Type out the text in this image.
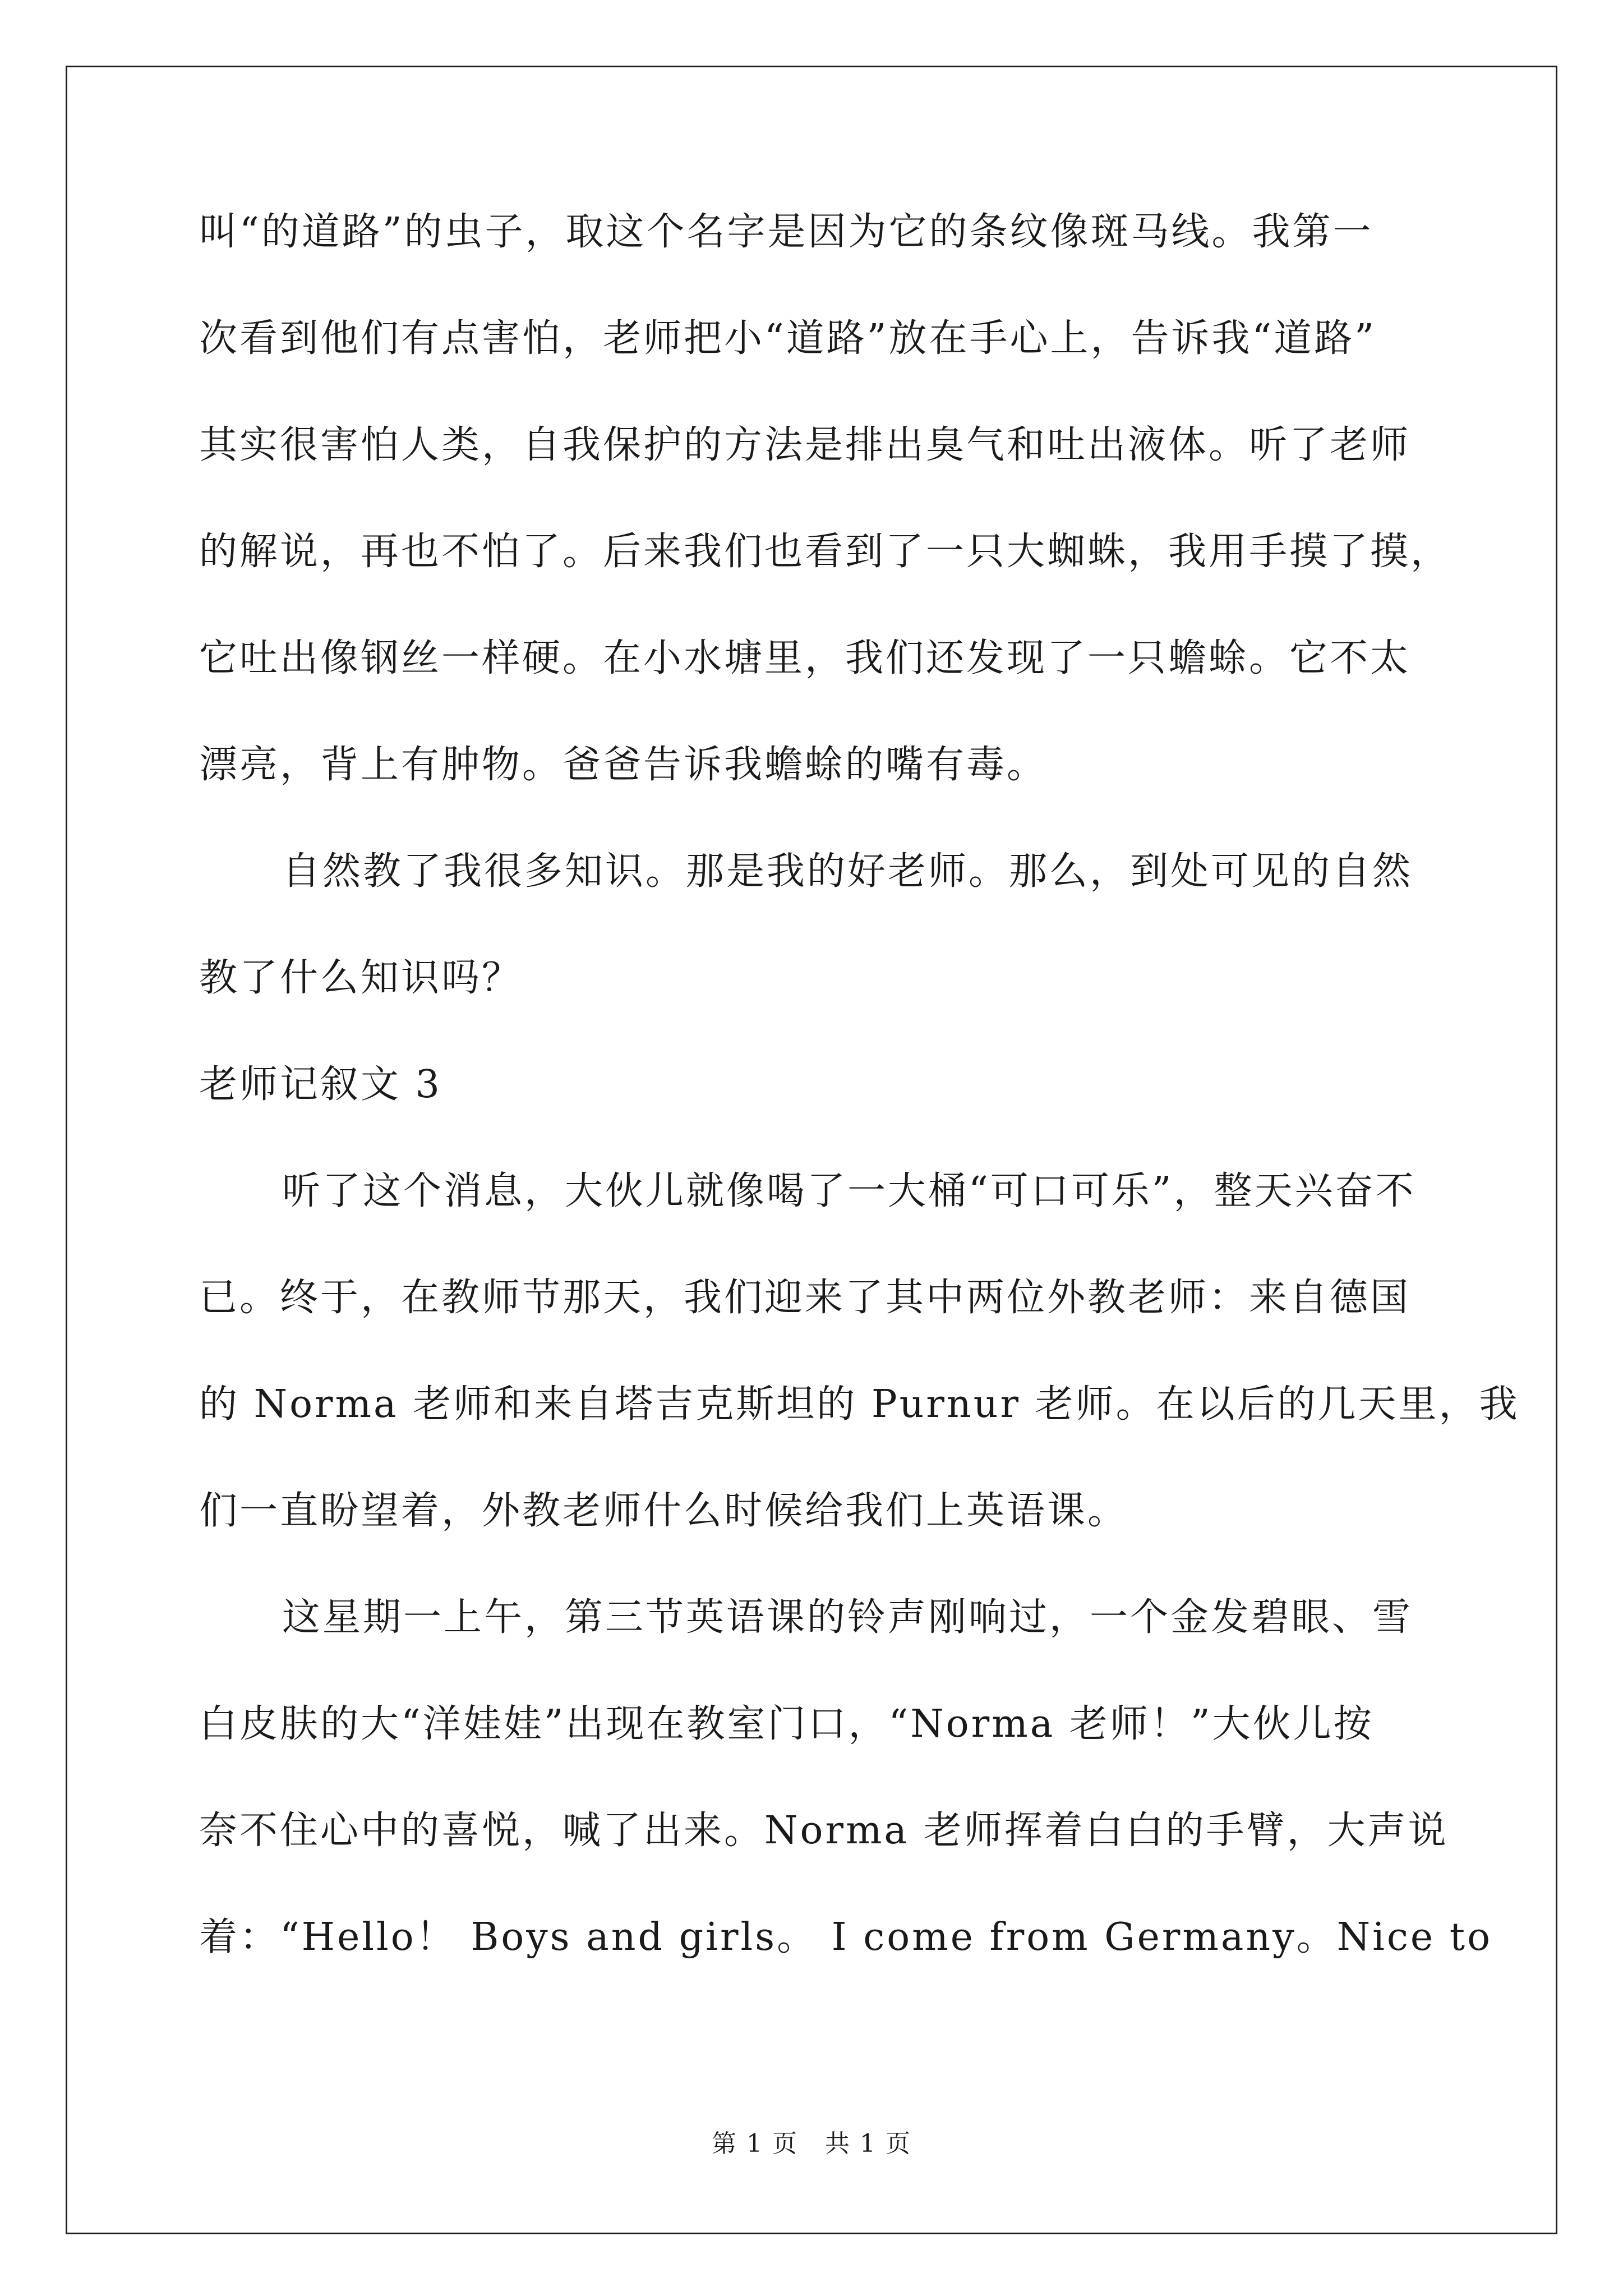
叫“的道路”的虫子，取这个名字是因为它的条纹像斑马线。我第一
次看到他们有点害怕，老师把小“道路”放在手心上，告诉我“道路”
其实很害怕人类，自我保护的方法是排出臭气和吐出液体。听了老师
的解说，再也不怕了。后来我们也看到了一只大蜘蛛，我用手摸了摸，
它吐出像钢丝一样硬。在小水塘里，我们还发现了一只蟾蜍。它不太
漂亮，背上有肿物。爸爸告诉我蟾蜍的嘴有毒。
自然教了我很多知识。那是我的好老师。那么，到处可见的自然
教了什么知识吗？
老师记叙文 3
听了这个消息，大伙儿就像喝了一大桶“可口可乐”，整天兴奋不
已。终于，在教师节那天，我们迎来了其中两位外教老师：来自德国
的 Norma 老师和来自塔吉克斯坦的 Purnur 老师。在以后的几天里，我
们一直盼望着，外教老师什么时候给我们上英语课。
这星期一上午，第三节英语课的铃声刚响过，一个金发碧眼、雪
白皮肤的大“洋娃娃”出现在教室门口，“Norma 老师！”大伙儿按
奈不住心中的喜悦，喊了出来。Norma 老师挥着白白的手臂，大声说
着：“Hello！ Boys and girls。 I come from Germany。Nice to
第 1 页 共 1 页
